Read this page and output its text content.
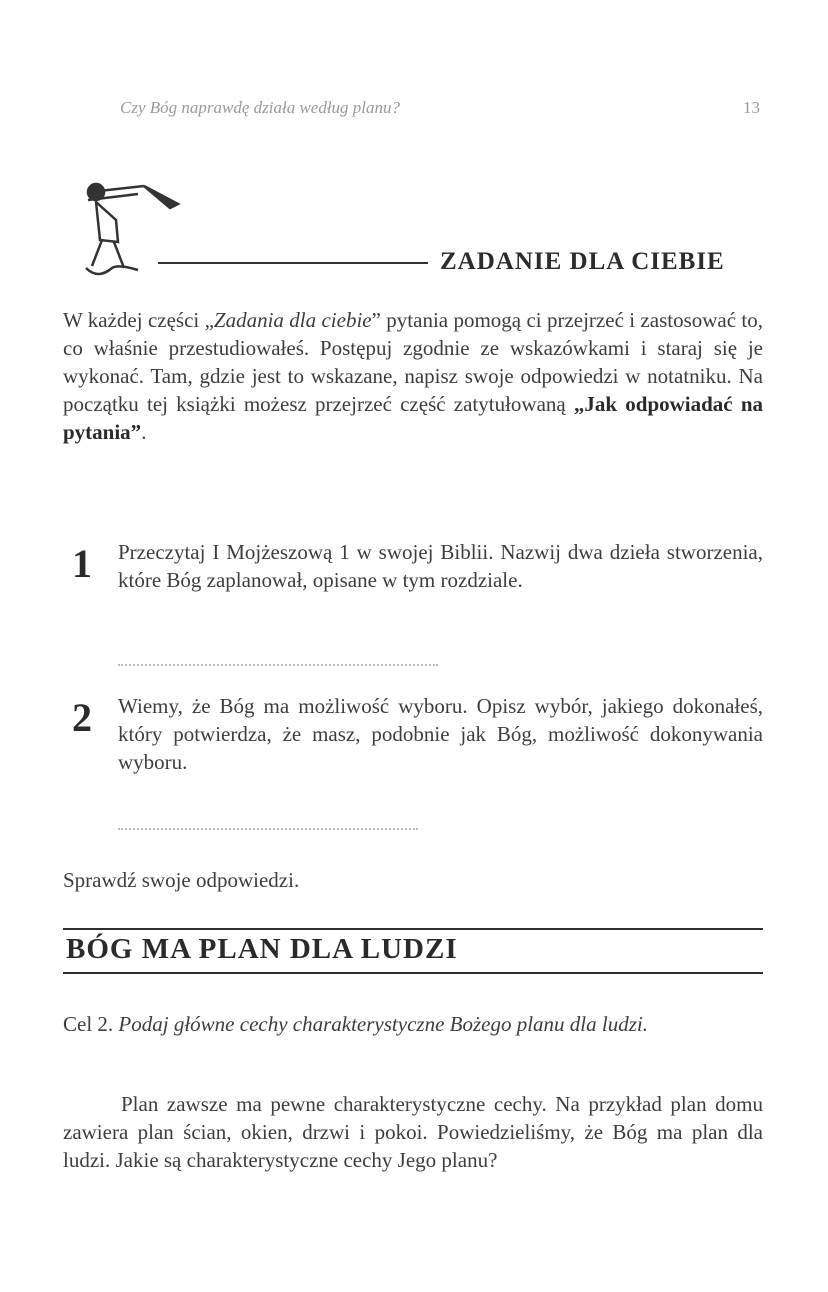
Czy Bóg naprawdę działa według planu?	13
ZADANIE DLA CIEBIE
W każdej części „Zadania dla ciebie” pytania pomogą ci przejrzeć i zastosować to, co właśnie przestudiowałeś. Postępuj zgodnie ze wskazówkami i staraj się je wykonać. Tam, gdzie jest to wskazane, napisz swoje odpowiedzi w notatniku. Na początku tej książki możesz przejrzeć część zatytułowaną „Jak odpowiadać na pytania”.
1 Przeczytaj I Mojżeszową 1 w swojej Biblii. Nazwij dwa dzieła stworzenia, które Bóg zaplanował, opisane w tym rozdziale.
2 Wiemy, że Bóg ma możliwość wyboru. Opisz wybór, jakiego dokonałeś, który potwierdza, że masz, podobnie jak Bóg, możliwość dokonywania wyboru.
Sprawdź swoje odpowiedzi.
BÓG MA PLAN DLA LUDZI
Cel 2. Podaj główne cechy charakterystyczne Bożego planu dla ludzi.
Plan zawsze ma pewne charakterystyczne cechy. Na przykład plan domu zawiera plan ścian, okien, drzwi i pokoi. Powiedzieliśmy, że Bóg ma plan dla ludzi. Jakie są charakterystyczne cechy Jego planu?
